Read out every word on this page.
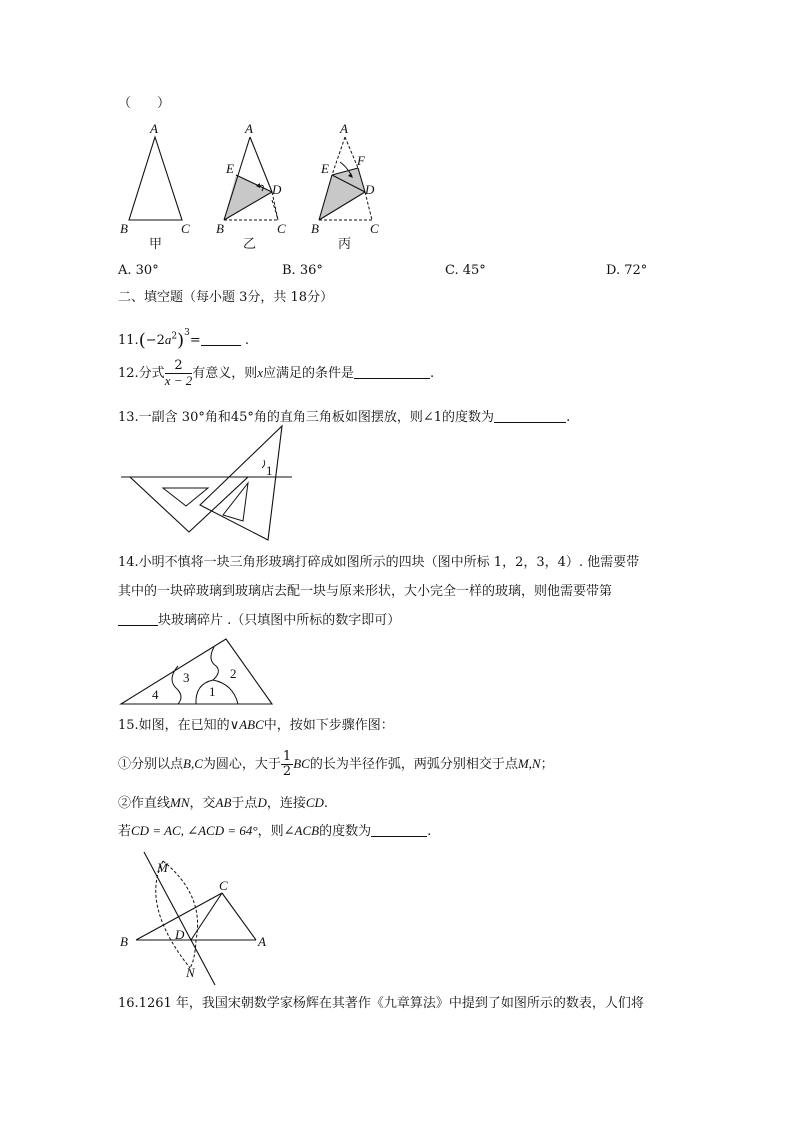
（　　）
A
B	C
甲
A
E
D
B	C
乙
A
F
E
D
B	C
丙
A. 30°	B. 36°	C. 45°	D. 72°
二、填空题（每小题 3分，共 18分）
$11.(-2a^2)^3=$	.
12.分式 $\frac{2}{x - 2}$ 有意义，则x应满足的条件是	.
13.一副含 30°角和45°角的直角三角板如图摆放，则∠1的度数为	.
1
14.小明不慎将一块三角形玻璃打碎成如图所示的四块（图中所标 1，2，3，4）. 他需要带
其中的一块碎玻璃到玻璃店去配一块与原来形状，大小完全一样的玻璃，则他需要带第
块玻璃碎片 .（只填图中所标的数字即可）
4
3
1
2
15.如图，在已知的∨ABC中，按如下步骤作图：
①分别以点B,C为圆心，大于 $\frac{1}{2}$ BC的长为半径作弧，两弧分别相交于点M,N；
②作直线MN，交AB于点D，连接CD.
若CD = AC, ∠ACD = 64°，则∠ACB的度数为	.
M
C
B	D	A
N
16.1261 年，我国宋朝数学家杨辉在其著作《九章算法》中提到了如图所示的数表，人们将
